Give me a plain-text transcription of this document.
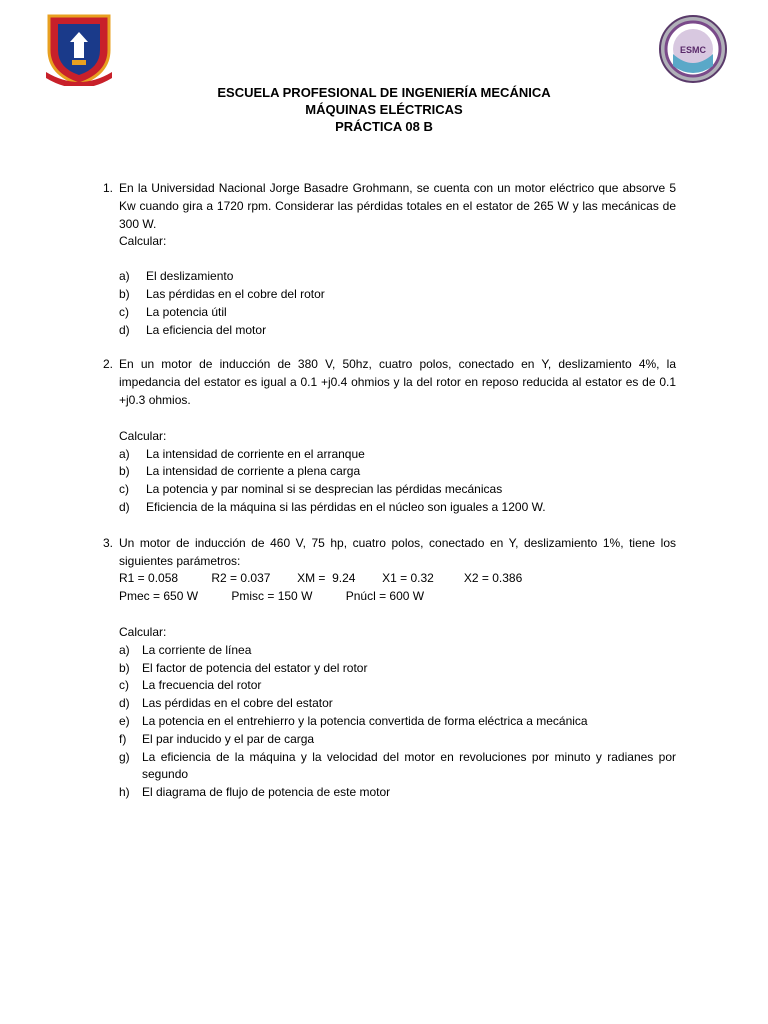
ESMC
ESCUELA PROFESIONAL DE INGENIERÍA MECÁNICA
MÁQUINAS ELÉCTRICAS
PRÁCTICA 08 B
1. En la Universidad Nacional Jorge Basadre Grohmann, se cuenta con un motor eléctrico que absorve 5 Kw cuando gira a 1720 rpm. Considerar las pérdidas totales en el estator de 265 W y las mecánicas de 300 W.
Calcular:
a) El deslizamiento
b) Las pérdidas en el cobre del rotor
c) La potencia útil
d) La eficiencia del motor
2. En un motor de inducción de 380 V, 50hz, cuatro polos, conectado en Y, deslizamiento 4%, la impedancia del estator es igual a 0.1 +j0.4 ohmios y la del rotor en reposo reducida al estator es de 0.1 +j0.3 ohmios.
Calcular:
a) La intensidad de corriente en el arranque
b) La intensidad de corriente a plena carga
c) La potencia y par nominal si se desprecian las pérdidas mecánicas
d) Eficiencia de la máquina si las pérdidas en el núcleo son iguales a 1200 W.
3. Un motor de inducción de 460 V, 75 hp, cuatro polos, conectado en Y, deslizamiento 1%, tiene los siguientes parámetros:
R1 = 0.058          R2 = 0.037        XM =  9.24        X1 = 0.32         X2 = 0.386
Pmec = 650 W          Pmisc = 150 W          Pnúcl = 600 W
Calcular:
a) La corriente de línea
b) El factor de potencia del estator y del rotor
c) La frecuencia del rotor
d) Las pérdidas en el cobre del estator
e) La potencia en el entrehierro y la potencia convertida de forma eléctrica a mecánica
f) El par inducido y el par de carga
g) La eficiencia de la máquina y la velocidad del motor en revoluciones por minuto y radianes por segundo
h) El diagrama de flujo de potencia de este motor
